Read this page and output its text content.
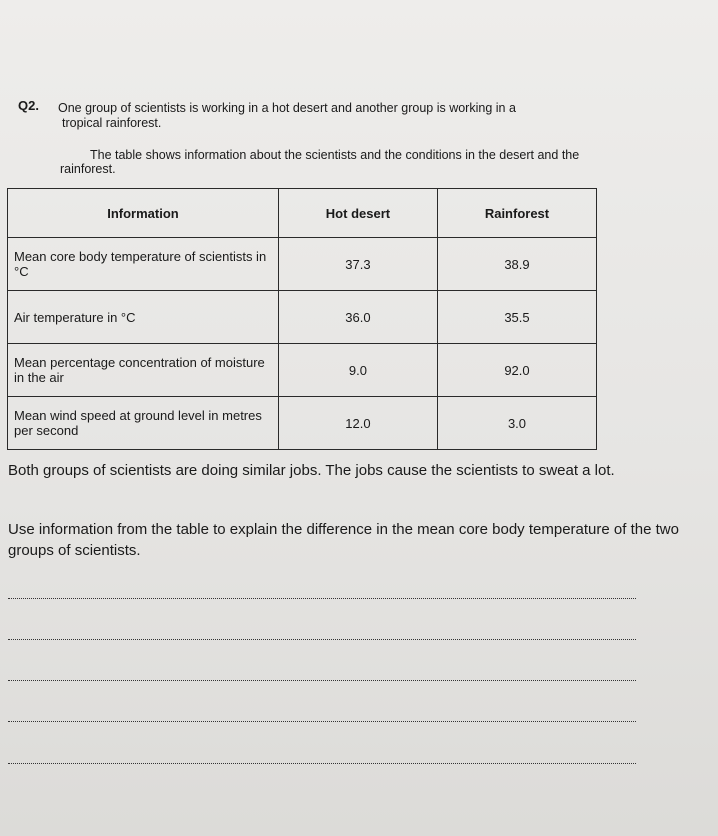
Q2. One group of scientists is working in a hot desert and another group is working in a
tropical rainforest.
The table shows information about the scientists and the conditions in the desert and the
rainforest.
Information	Hot desert	Rainforest
Mean core body temperature of scientists in °C	37.3	38.9
Air temperature in °C	36.0	35.5
Mean percentage concentration of moisture in the air	9.0	92.0
Mean wind speed at ground level in metres per second	12.0	3.0
Both groups of scientists are doing similar jobs. The jobs cause the scientists to sweat a lot.
Use information from the table to explain the difference in the mean core body temperature of the two groups of scientists.
